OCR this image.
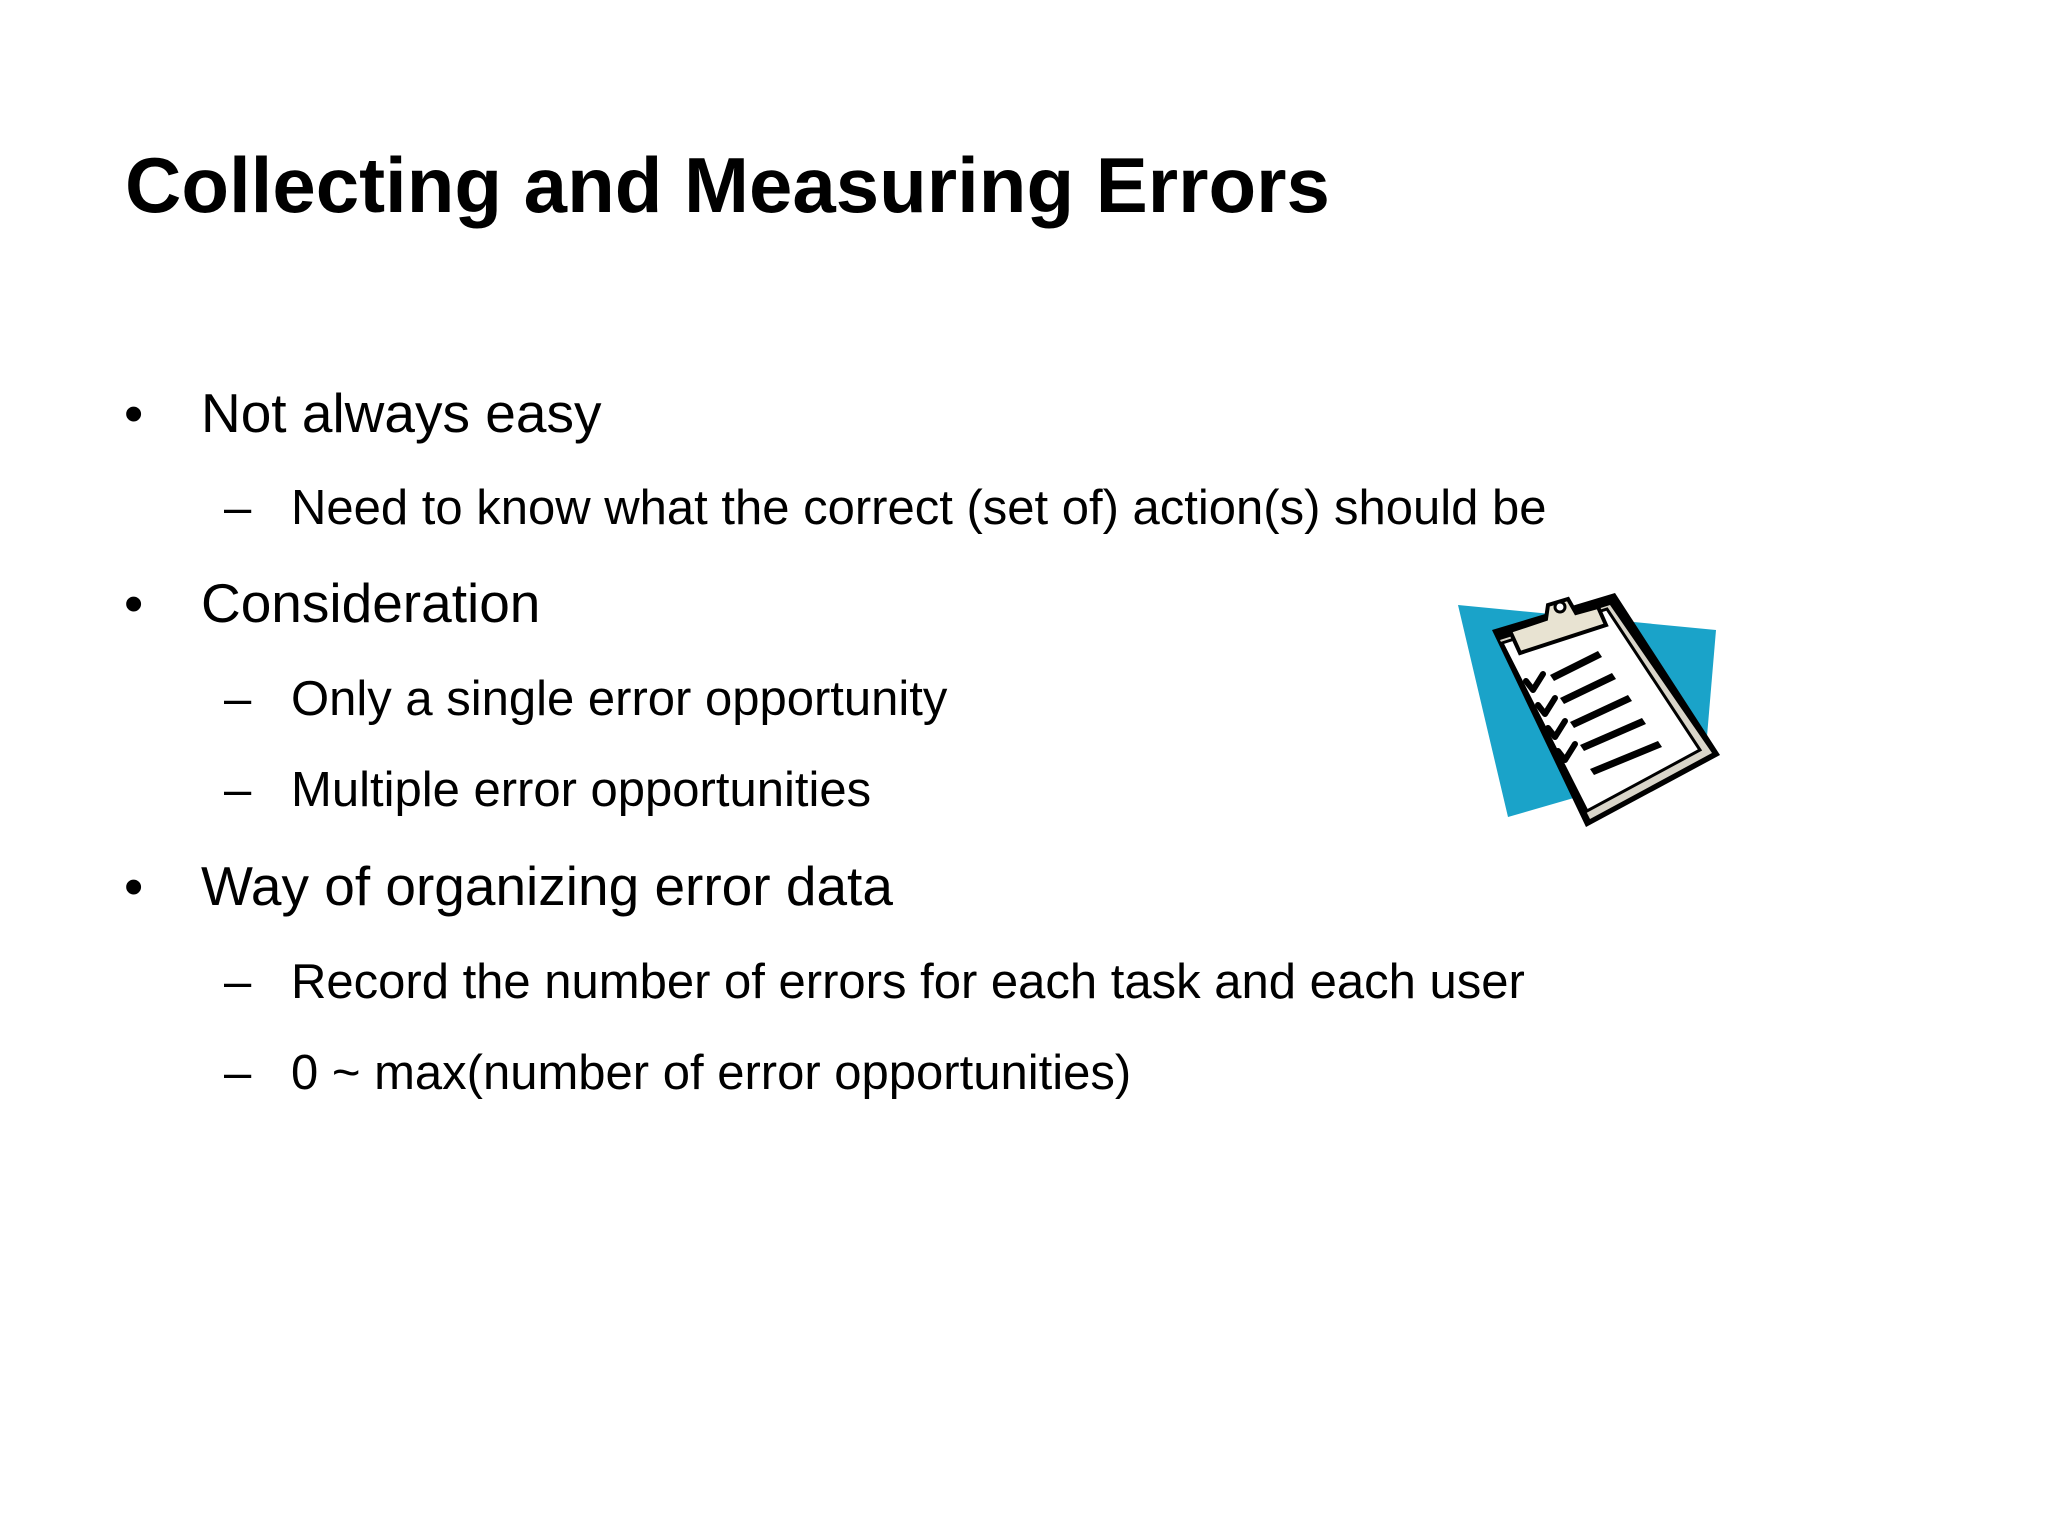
Collecting and Measuring Errors
• Not always easy
– Need to know what the correct (set of) action(s) should be
• Consideration
– Only a single error opportunity
– Multiple error opportunities
• Way of organizing error data
– Record the number of errors for each task and each user
– 0 ~ max(number of error opportunities)
